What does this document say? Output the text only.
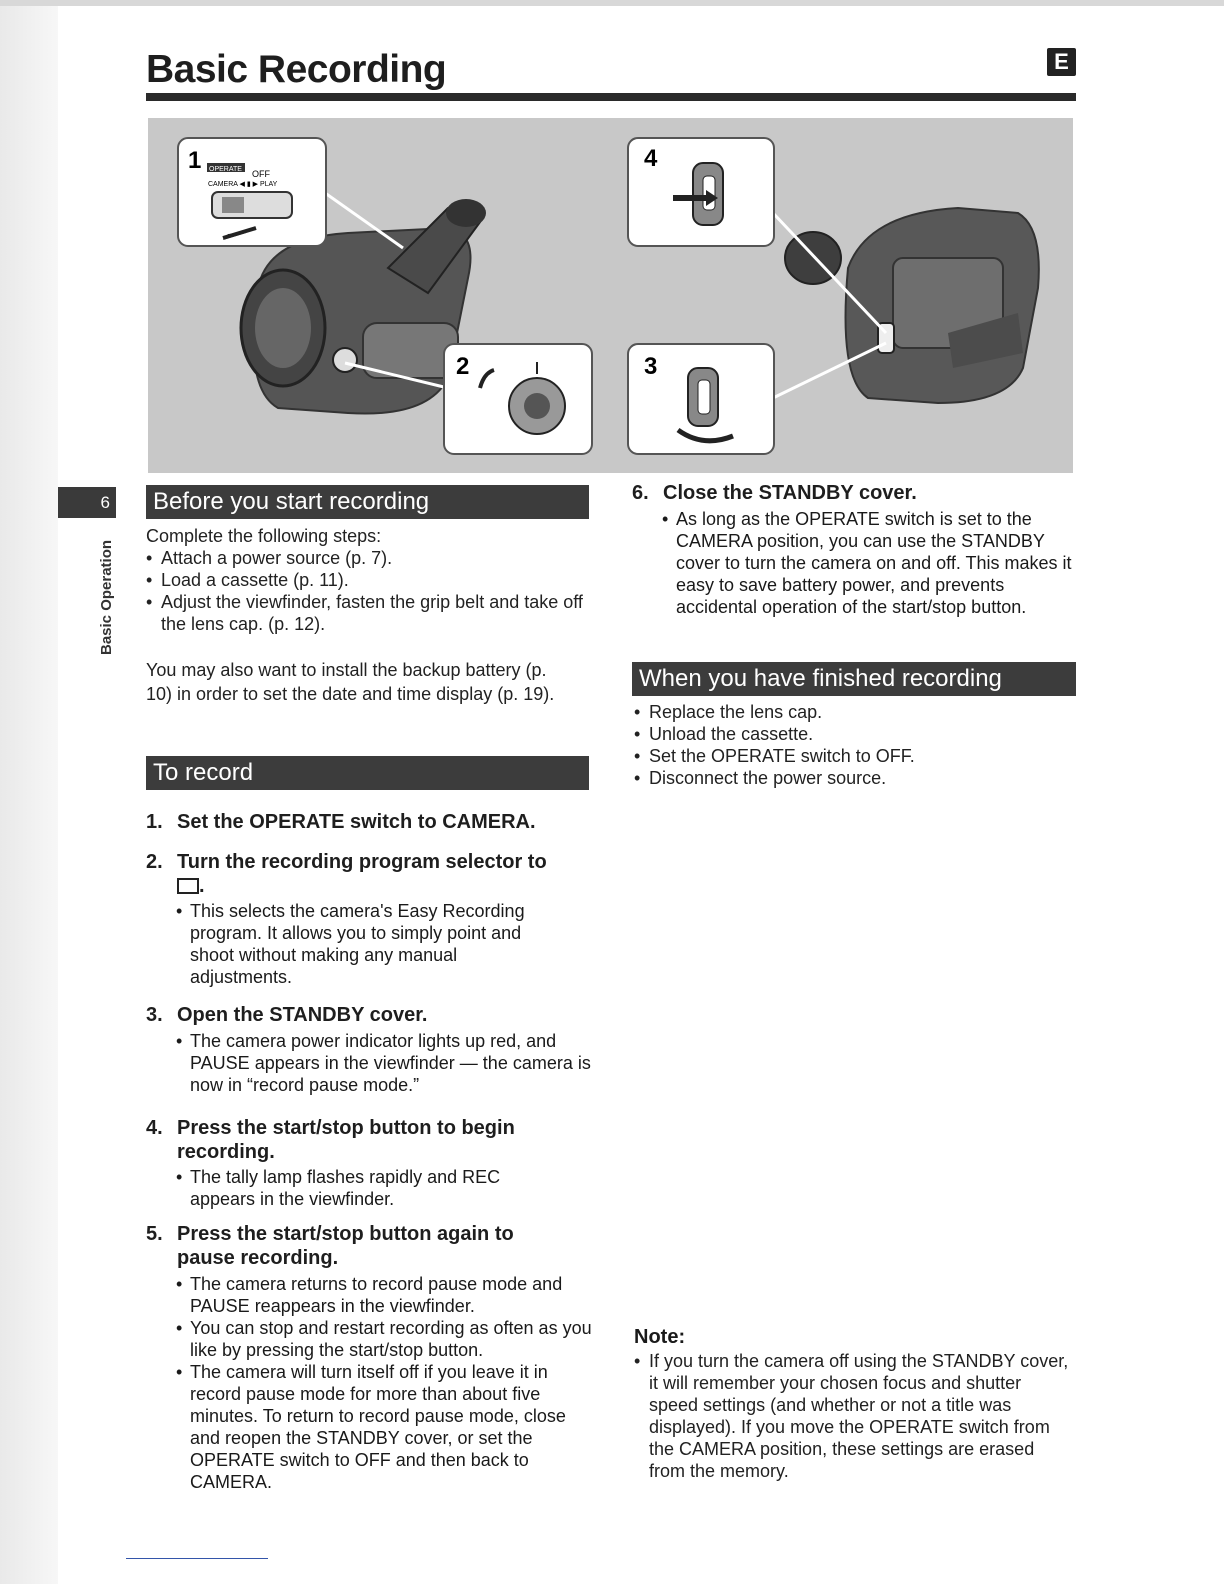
Basic Recording	E
1 OPERATE OFF
CAMERA ◀ ▮ ▶ PLAY
2	3
4
6
Basic Operation
Before you start recording

Complete the following steps:

• Attach a power source (p. 7).
• Load a cassette (p. 11).
• Adjust the viewfinder, fasten the grip belt and take off the lens cap. (p. 12).
You may also want to install the backup battery (p. 10) in order to set the date and time display (p. 19).
To record
1. Set the OPERATE switch to CAMERA.
2. Turn the recording program selector to
.
• This selects the camera's Easy Recording program. It allows you to simply point and shoot without making any manual adjustments.
3. Open the STANDBY cover.
• The camera power indicator lights up red, and PAUSE appears in the viewfinder — the camera is now in “record pause mode.”
4. Press the start/stop button to begin recording.
• The tally lamp flashes rapidly and REC appears in the viewfinder.
5. Press the start/stop button again to pause recording.
• The camera returns to record pause mode and PAUSE reappears in the viewfinder.
• You can stop and restart recording as often as you like by pressing the start/stop button.
• The camera will turn itself off if you leave it in record pause mode for more than about five minutes. To return to record pause mode, close and reopen the STANDBY cover, or set the OPERATE switch to OFF and then back to CAMERA.
6. Close the STANDBY cover.
• As long as the OPERATE switch is set to the CAMERA position, you can use the STANDBY cover to turn the camera on and off. This makes it easy to save battery power, and prevents accidental operation of the start/stop button.
When you have finished recording
• Replace the lens cap.
• Unload the cassette.
• Set the OPERATE switch to OFF.
• Disconnect the power source.
Note:
• If you turn the camera off using the STANDBY cover, it will remember your chosen focus and shutter speed settings (and whether or not a title was displayed). If you move the OPERATE switch from the CAMERA position, these settings are erased from the memory.
